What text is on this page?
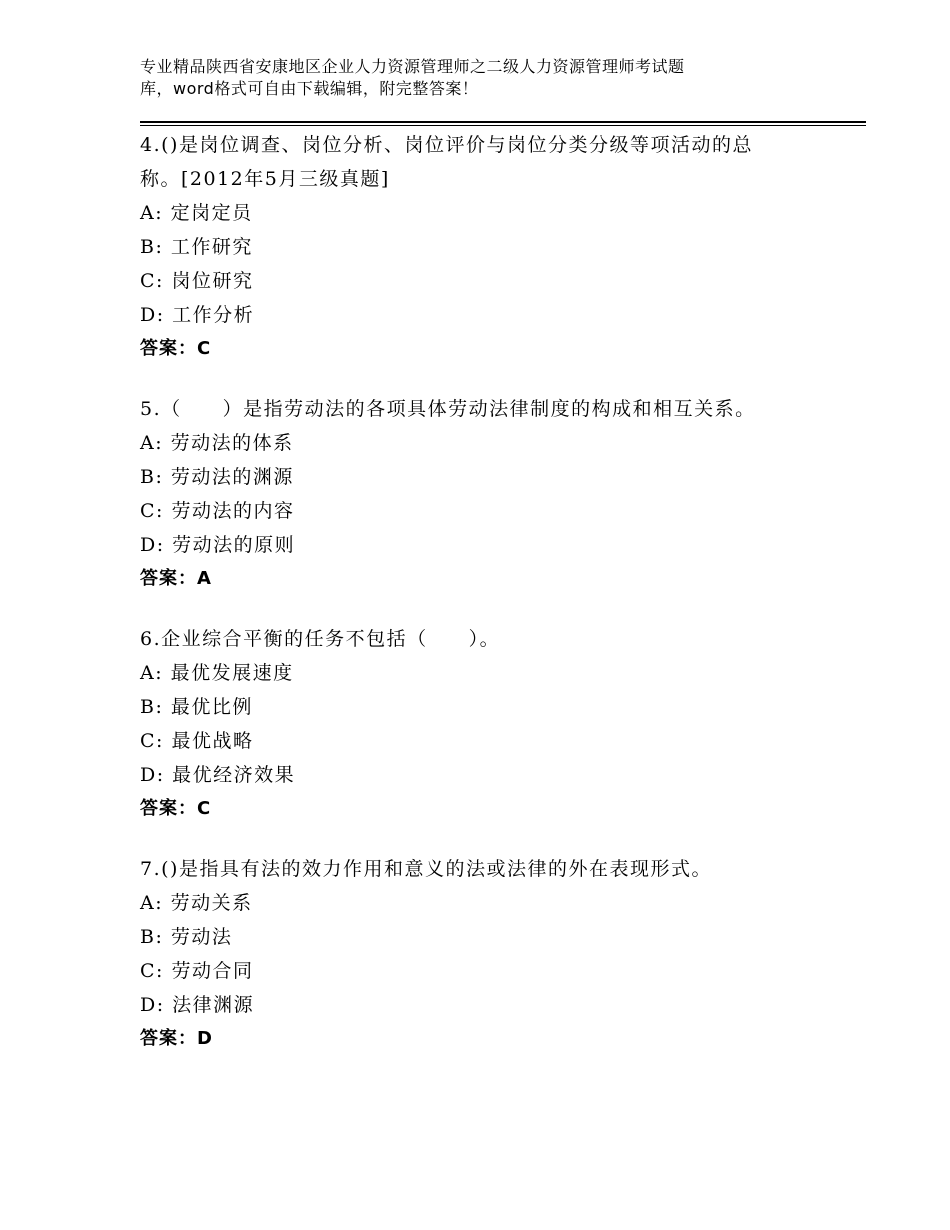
专业精品陕西省安康地区企业人力资源管理师之二级人力资源管理师考试题
库，word格式可自由下载编辑，附完整答案！
4.()是岗位调查、岗位分析、岗位评价与岗位分类分级等项活动的总
称。[2012年5月三级真题]
A: 定岗定员
B: 工作研究
C: 岗位研究
D: 工作分析
答案：C
5.（　　）是指劳动法的各项具体劳动法律制度的构成和相互关系。
A: 劳动法的体系
B: 劳动法的渊源
C: 劳动法的内容
D: 劳动法的原则
答案：A
6.企业综合平衡的任务不包括（　　）。
A: 最优发展速度
B: 最优比例
C: 最优战略
D: 最优经济效果
答案：C
7.()是指具有法的效力作用和意义的法或法律的外在表现形式。
A: 劳动关系
B: 劳动法
C: 劳动合同
D: 法律渊源
答案：D
